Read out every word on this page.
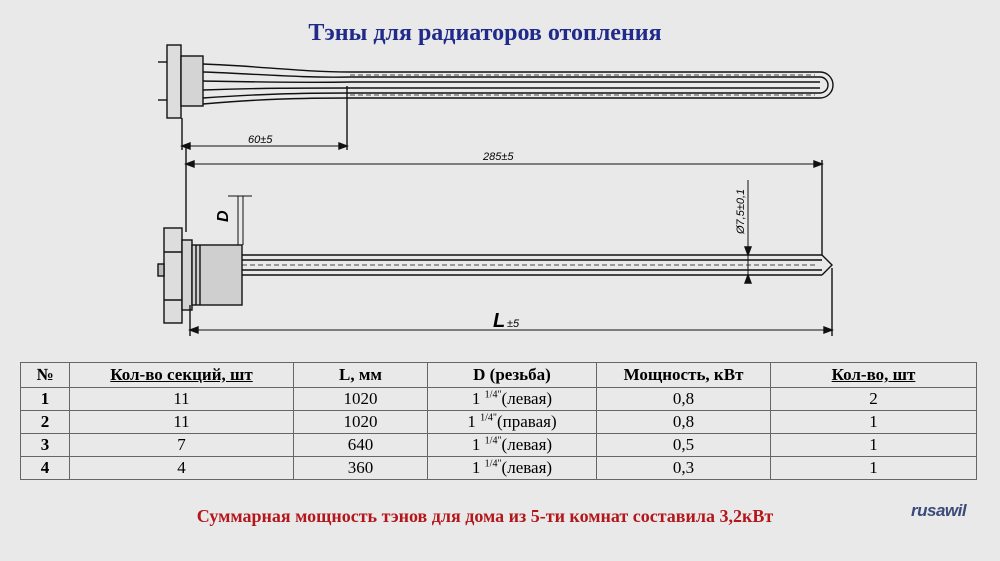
Тэны для радиаторов отопления
60±5
285±5
Ø7,5±0,1
D
L ±5
№	Кол-во секций, шт	L, мм	D (резьба)	Мощность, кВт	Кол-во, шт
1	11	1020	1 $^{1/4"}$(левая)	0,8	2
2	11	1020	1 $^{1/4"}$(правая)	0,8	1
3	7	640	1 $^{1/4"}$(левая)	0,5	1
4	4	360	1 $^{1/4"}$(левая)	0,3	1
Суммарная мощность тэнов для дома из 5-ти комнат составила 3,2кВт	rusawil
